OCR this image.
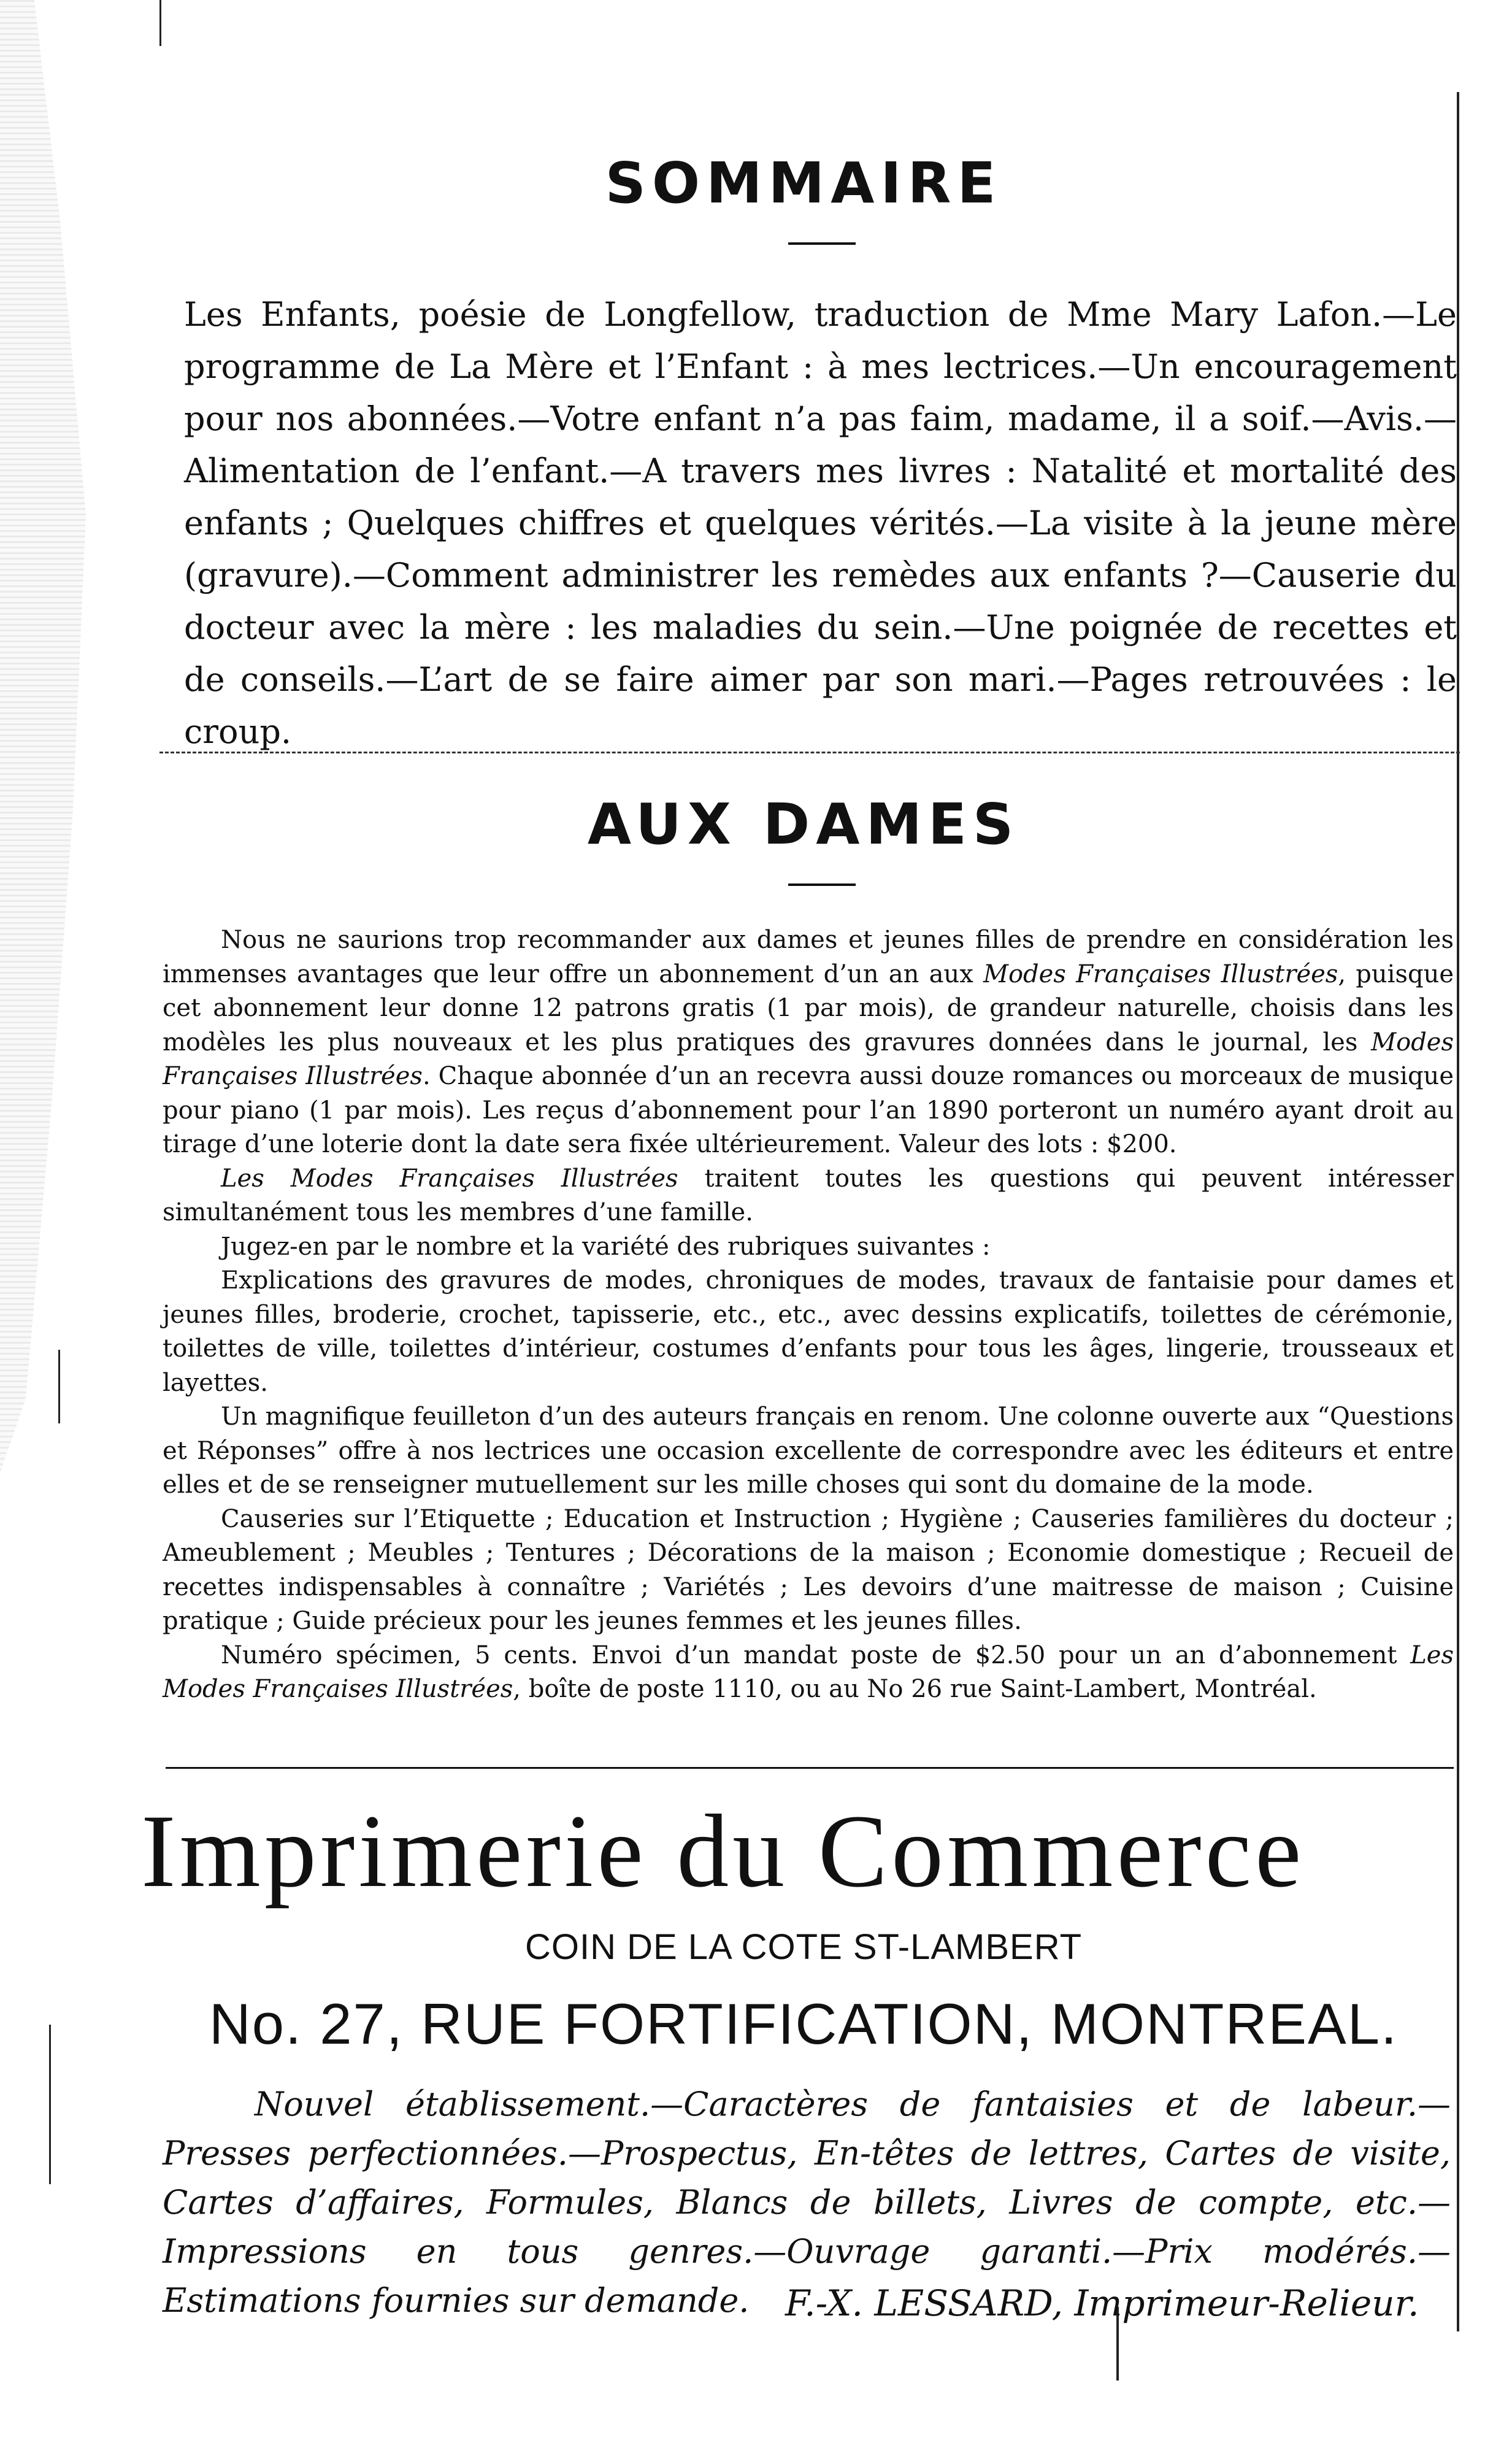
SOMMAIRE
Les Enfants, poésie de Longfellow, traduction de Mme Mary Lafon.—Le programme de La Mère et l’Enfant : à mes lectrices.—Un encouragement pour nos abonnées.—Votre enfant n’a pas faim, madame, il a soif.—Avis.—Alimentation de l’enfant.—A travers mes livres : Natalité et mortalité des enfants ; Quelques chiffres et quelques vérités.—La visite à la jeune mère (gravure).—Comment administrer les remèdes aux enfants ?—Causerie du docteur avec la mère : les maladies du sein.—Une poignée de recettes et de conseils.—L’art de se faire aimer par son mari.—Pages retrouvées : le croup.
AUX DAMES

Nous ne saurions trop recommander aux dames et jeunes filles de prendre en considération les immenses avantages que leur offre un abonnement d’un an aux Modes Françaises Illustrées, puisque cet abonnement leur donne 12 patrons gratis (1 par mois), de grandeur naturelle, choisis dans les modèles les plus nouveaux et les plus pratiques des gravures données dans le journal, les Modes Françaises Illustrées. Chaque abonnée d’un an recevra aussi douze romances ou morceaux de musique pour piano (1 par mois). Les reçus d’abonnement pour l’an 1890 porteront un numéro ayant droit au tirage d’une loterie dont la date sera fixée ultérieurement. Valeur des lots : $200.

Les Modes Françaises Illustrées traitent toutes les questions qui peuvent intéresser simultanément tous les membres d’une famille.

Jugez-en par le nombre et la variété des rubriques suivantes :

Explications des gravures de modes, chroniques de modes, travaux de fantaisie pour dames et jeunes filles, broderie, crochet, tapisserie, etc., etc., avec dessins explicatifs, toilettes de cérémonie, toilettes de ville, toilettes d’intérieur, costumes d’enfants pour tous les âges, lingerie, trousseaux et layettes.

Un magnifique feuilleton d’un des auteurs français en renom. Une colonne ouverte aux “Questions et Réponses” offre à nos lectrices une occasion excellente de correspondre avec les éditeurs et entre elles et de se renseigner mutuellement sur les mille choses qui sont du domaine de la mode.

Causeries sur l’Etiquette ; Education et Instruction ; Hygiène ; Causeries familières du docteur ; Ameublement ; Meubles ; Tentures ; Décorations de la maison ; Economie domestique ; Recueil de recettes indispensables à connaître ; Variétés ; Les devoirs d’une maitresse de maison ; Cuisine pratique ; Guide précieux pour les jeunes femmes et les jeunes filles.

Numéro spécimen, 5 cents. Envoi d’un mandat poste de $2.50 pour un an d’abonnement Les Modes Françaises Illustrées, boîte de poste 1110, ou au No 26 rue Saint-Lambert, Montréal.

Imprimerie du Commerce
COIN DE LA COTE ST-LAMBERT
No. 27, RUE FORTIFICATION, MONTREAL.

Nouvel établissement.—Caractères de fantaisies et de labeur.—Presses perfectionnées.—Prospectus, En-têtes de lettres, Cartes de visite, Cartes d’affaires, Formules, Blancs de billets, Livres de compte, etc.—Impressions en tous genres.—Ouvrage garanti.—Prix modérés.—Estimations fournies sur demande.	F.-X. LESSARD, Imprimeur-Relieur.
